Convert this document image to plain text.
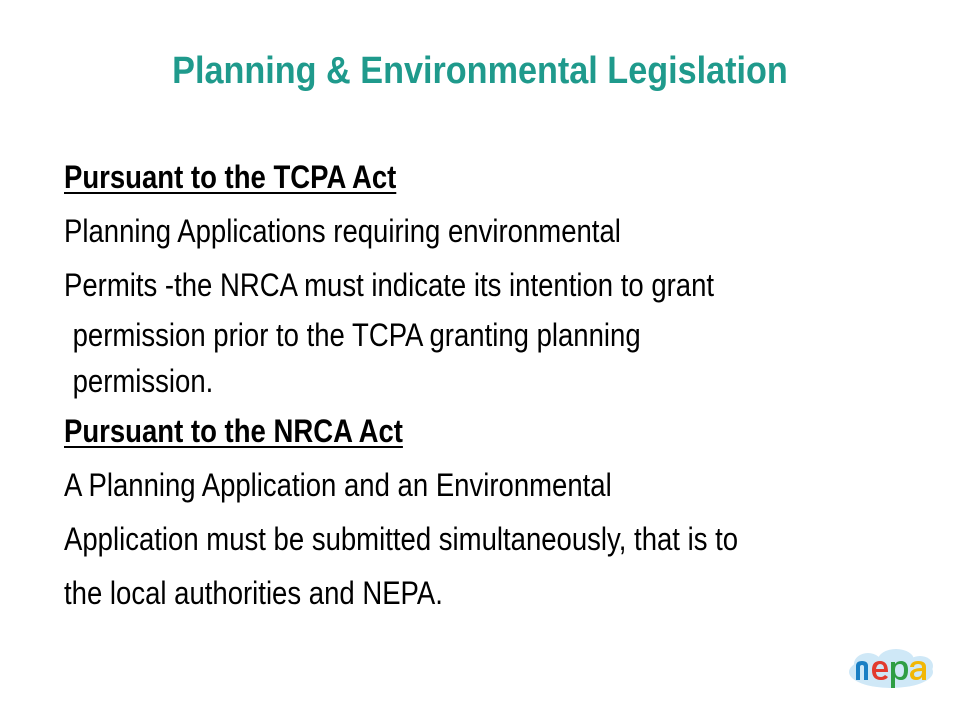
Planning & Environmental Legislation
Pursuant to the TCPA Act
Planning Applications requiring environmental
Permits -the NRCA must indicate its intention to grant
permission prior to the TCPA granting planning
permission.
Pursuant to the NRCA Act
A Planning Application and an Environmental
Application must be submitted simultaneously, that is to
the local authorities and NEPA.
